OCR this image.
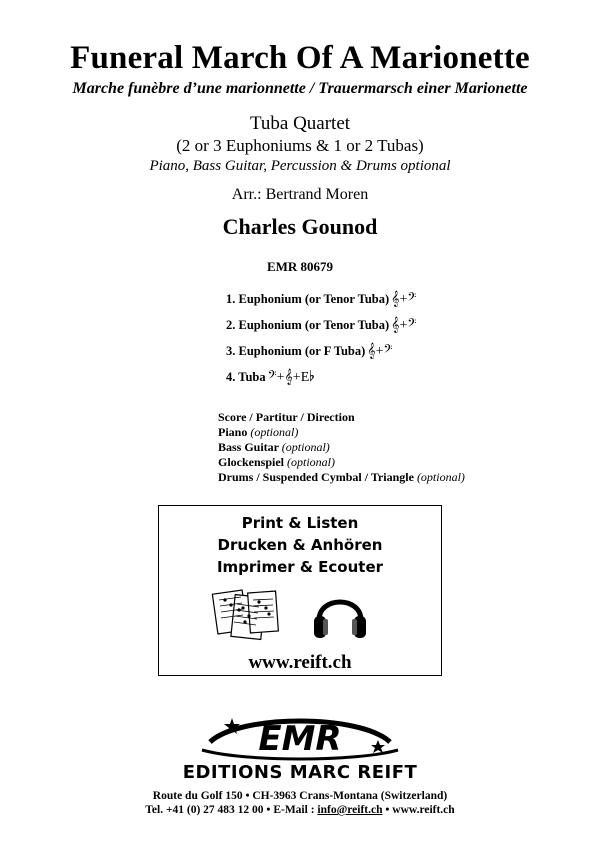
Funeral March Of A Marionette
Marche funèbre d’une marionnette / Trauermarsch einer Marionette
Tuba Quartet
(2 or 3 Euphoniums & 1 or 2 Tubas)
Piano, Bass Guitar, Percussion & Drums optional
Arr.: Bertrand Moren
Charles Gounod
EMR 80679
1. Euphonium (or Tenor Tuba) 𝄞+𝄢
2. Euphonium (or Tenor Tuba) 𝄞+𝄢
3. Euphonium (or F Tuba) 𝄞+𝄢
4. Tuba 𝄢+𝄞+E♭
Score / Partitur / Direction
Piano (optional)
Bass Guitar (optional)
Glockenspiel (optional)
Drums / Suspended Cymbal / Triangle (optional)
Print & Listen
Drucken & Anhören
Imprimer & Ecouter
www.reift.ch
EMR
EDITIONS MARC REIFT
Route du Golf 150 • CH-3963 Crans-Montana (Switzerland)
Tel. +41 (0) 27 483 12 00 • E-Mail : info@reift.ch • www.reift.ch
